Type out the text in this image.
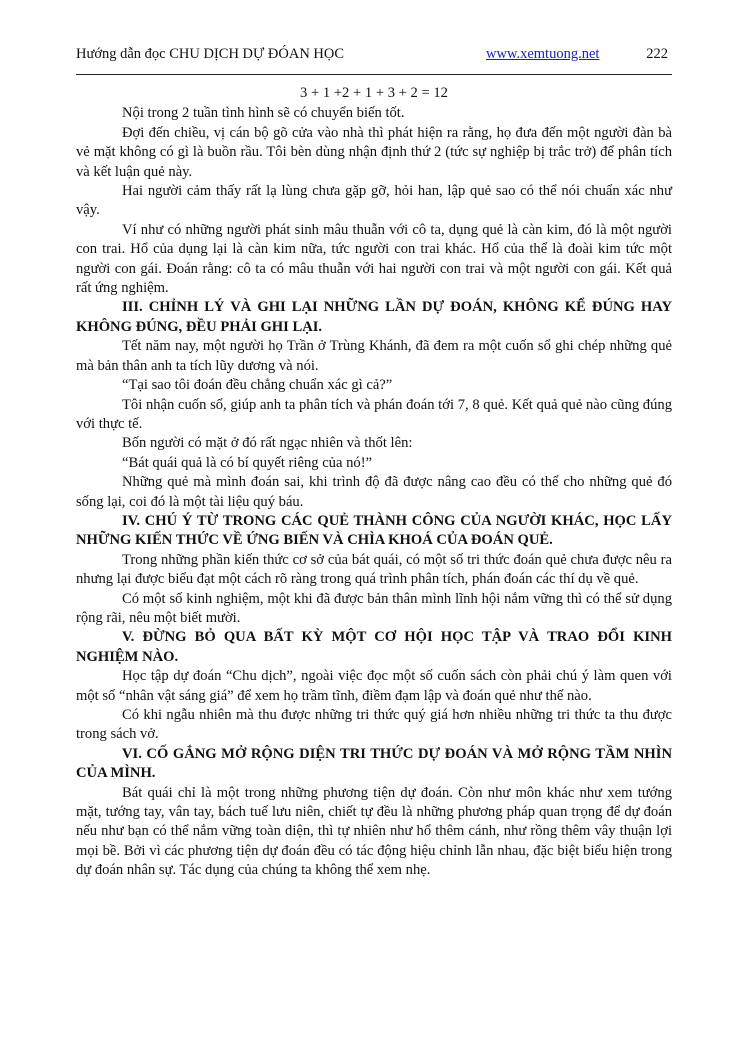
Hướng dẫn đọc CHU DỊCH DỰ ĐÓAN HỌC	www.xemtuong.net	222

3 + 1 +2 + 1 + 3 + 2 = 12

Nội trong 2 tuần tình hình sẽ có chuyển biến tốt.

Đợi đến chiều, vị cán bộ gõ cửa vào nhà thì phát hiện ra rằng, họ đưa đến một người đàn bà vẻ mặt không có gì là buồn rầu. Tôi bèn dùng nhận định thứ 2 (tức sự nghiệp bị trắc trở) để phân tích và kết luận quẻ này.

Hai người cảm thấy rất lạ lùng chưa gặp gỡ, hỏi han, lập quẻ sao có thể nói chuẩn xác như vậy.

Ví như có những người phát sinh mâu thuẫn với cô ta, dụng quẻ là càn kim, đó là một người con trai. Hổ của dụng lại là càn kim nữa, tức người con trai khác. Hổ của thể là đoài kim tức một người con gái. Đoán rằng: cô ta có mâu thuẫn với hai người con trai và một người con gái. Kết quả rất ứng nghiệm.

III. CHỈNH LÝ VÀ GHI LẠI NHỮNG LẦN DỰ ĐOÁN, KHÔNG KỂ ĐÚNG HAY KHÔNG ĐÚNG, ĐỀU PHẢI GHI LẠI.

Tết năm nay, một người họ Trần ở Trùng Khánh, đã đem ra một cuốn sổ ghi chép những quẻ mà bản thân anh ta tích lũy dương và nói.

“Tại sao tôi đoán đều chẳng chuẩn xác gì cả?”

Tôi nhận cuốn sổ, giúp anh ta phân tích và phán đoán tới 7, 8 quẻ. Kết quả quẻ nào cũng đúng với thực tế.

Bốn người có mặt ở đó rất ngạc nhiên và thốt lên:

“Bát quái quả là có bí quyết riêng của nó!”

Những quẻ mà mình đoán sai, khi trình độ đã được nâng cao đều có thể cho những quẻ đó sống lại, coi đó là một tài liệu quý báu.

IV. CHÚ Ý TỪ TRONG CÁC QUẺ THÀNH CÔNG CỦA NGƯỜI KHÁC, HỌC LẤY NHỮNG KIẾN THỨC VỀ ỨNG BIẾN VÀ CHÌA KHOÁ CỦA ĐOÁN QUẺ.

Trong những phần kiến thức cơ sở của bát quái, có một số tri thức đoán quẻ chưa được nêu ra nhưng lại được biểu đạt một cách rõ ràng trong quá trình phân tích, phán đoán các thí dụ về quẻ.

Có một số kinh nghiệm, một khi đã được bản thân mình lĩnh hội nắm vững thì có thể sử dụng rộng rãi, nêu một biết mười.

V. ĐỪNG BỎ QUA BẤT KỲ MỘT CƠ HỘI HỌC TẬP VÀ TRAO ĐỔI KINH NGHIỆM NÀO.

Học tập dự đoán “Chu dịch”, ngoài việc đọc một số cuốn sách còn phải chú ý làm quen với một số “nhân vật sáng giá” để xem họ trầm tĩnh, điềm đạm lập và đoán quẻ như thế nào.

Có khi ngẫu nhiên mà thu được những tri thức quý giá hơn nhiều những tri thức ta thu được trong sách vở.

VI. CỐ GẮNG MỞ RỘNG DIỆN TRI THỨC DỰ ĐOÁN VÀ MỞ RỘNG TẦM NHÌN CỦA MÌNH.

Bát quái chỉ là một trong những phương tiện dự đoán. Còn như môn khác như xem tướng mặt, tướng tay, vân tay, bách tuế lưu niên, chiết tự đều là những phương pháp quan trọng để dự đoán nếu như bạn có thể nắm vững toàn diện, thì tự nhiên như hổ thêm cánh, như rồng thêm vây thuận lợi mọi bề. Bởi vì các phương tiện dự đoán đều có tác động hiệu chỉnh lẫn nhau, đặc biệt biểu hiện trong dự đoán nhân sự. Tác dụng của chúng ta không thể xem nhẹ.
